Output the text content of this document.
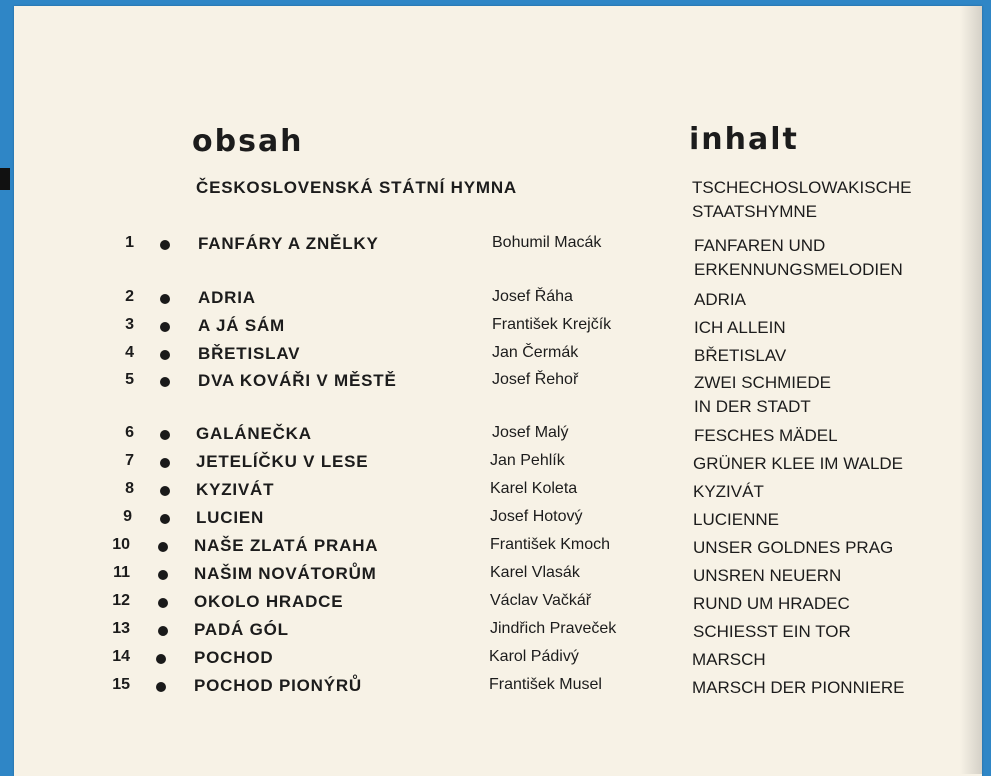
obsah	inhalt
ČESKOSLOVENSKÁ STÁTNÍ HYMNA	TSCHECHOSLOWAKISCHE
STAATSHYMNE
1	FANFÁRY A ZNĚLKY	Bohumil Macák	FANFAREN UND
ERKENNUNGSMELODIEN
2	ADRIA	Josef Řáha	ADRIA
3	A JÁ SÁM	František Krejčík	ICH ALLEIN
4	BŘETISLAV	Jan Čermák	BŘETISLAV
5	DVA KOVÁŘI V MĚSTĚ	Josef Řehoř	ZWEI SCHMIEDE
IN DER STADT
6	GALÁNEČKA	Josef Malý	FESCHES MÄDEL
7	JETELÍČKU V LESE	Jan Pehlík	GRÜNER KLEE IM WALDE
8	KYZIVÁT	Karel Koleta	KYZIVÁT
9	LUCIEN	Josef Hotový	LUCIENNE
10	NAŠE ZLATÁ PRAHA	František Kmoch	UNSER GOLDNES PRAG
11	NAŠIM NOVÁTORŮM	Karel Vlasák	UNSREN NEUERN
12	OKOLO HRADCE	Václav Vačkář	RUND UM HRADEC
13	PADÁ GÓL	Jindřich Praveček	SCHIESST EIN TOR
14	POCHOD	Karol Pádivý	MARSCH
15	POCHOD PIONÝRŮ	František Musel	MARSCH DER PIONNIERE
